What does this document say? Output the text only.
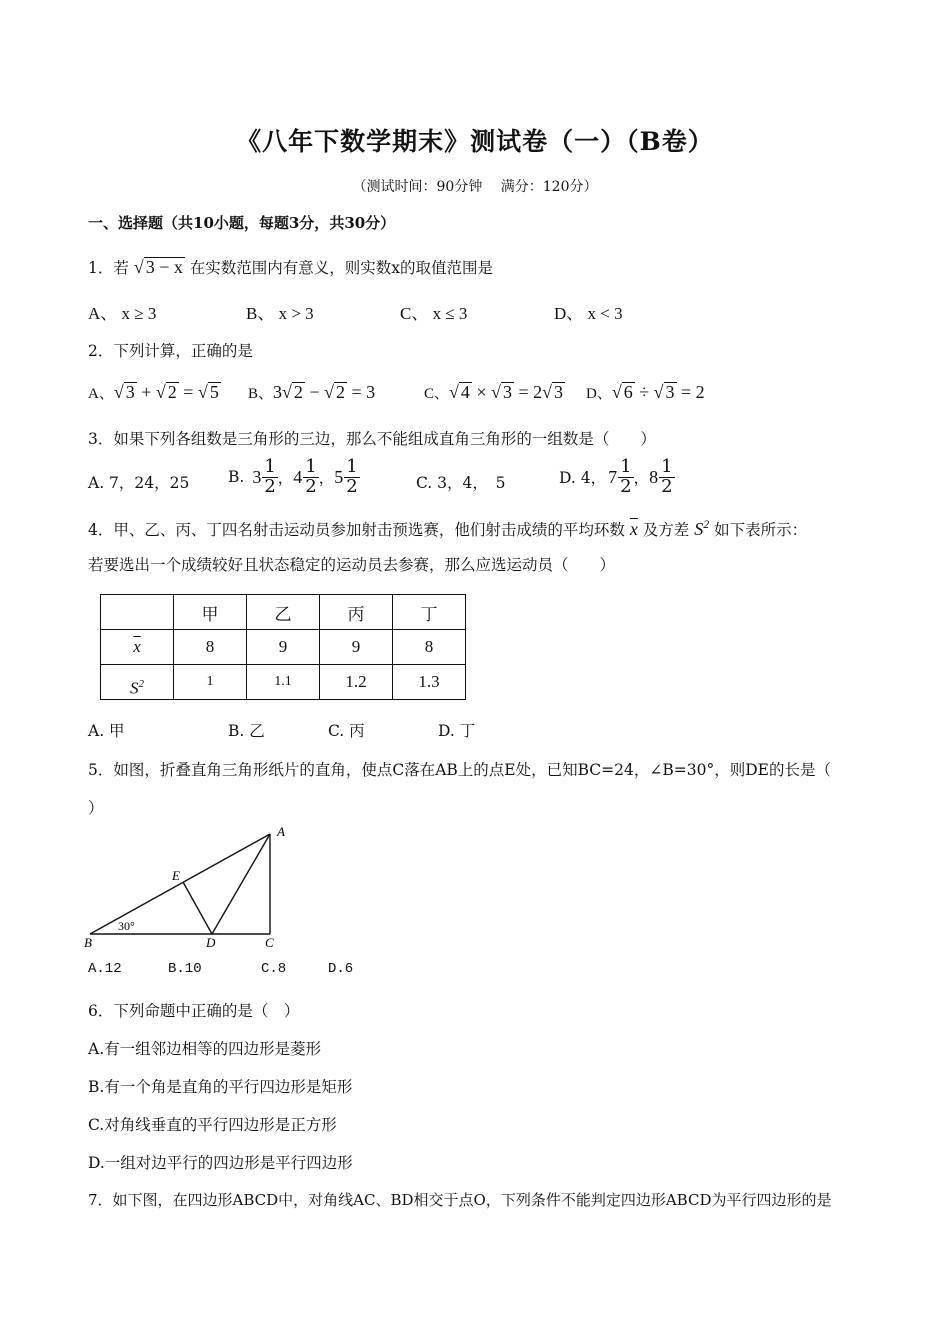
《八年下数学期末》测试卷（一）（B卷）
（测试时间：90分钟　 满分：120分）
一、选择题（共10小题，每题3分，共30分）
1．若 √ 3 − x 在实数范围内有意义，则实数x的取值范围是
A、 x ≥ 3	B、 x > 3	C、 x ≤ 3	D、 x < 3
2．下列计算，正确的是
A、√ 3 + √ 2 = √ 5 B、3√ 2 − √ 2 = 3	C、√ 4 × √ 3 = 2√ 3 D、√ 6 ÷ √ 3 = 2
3．如果下列各组数是三角形的三边，那么不能组成直角三角形的一组数是（　　）
A. 7，24，25 B. $3 \frac{1}{2}$ ， $4 \frac{1}{2}$ ， $5 \frac{1}{2}$	C. 3，4，　5	D. 4， $7 \frac{1}{2}$ ， $8 \frac{1}{2}$
4．甲、乙、丙、丁四名射击运动员参加射击预选赛，他们射击成绩的平均环数 $\overline{x}$ 及方差 $S^2$ 如下表所示：
若要选出一个成绩较好且状态稳定的运动员去参赛，那么应选运动员（　　）
	甲	乙	丙	丁
$\overline{x}$	8	9	9	8
$S^2$	1	1.1	1.2	1.3
A. 甲	B. 乙	C. 丙	D. 丁
5．如图，折叠直角三角形纸片的直角，使点C落在AB上的点E处，已知BC=24，∠B=30°，则DE的长是（
）
A
B	C
D
E
30°
A.12	B.10	C.8	D.6
6．下列命题中正确的是（　）
A.有一组邻边相等的四边形是菱形
B.有一个角是直角的平行四边形是矩形
C.对角线垂直的平行四边形是正方形
D.一组对边平行的四边形是平行四边形
7．如下图，在四边形ABCD中，对角线AC、BD相交于点O，下列条件不能判定四边形ABCD为平行四边形的是
